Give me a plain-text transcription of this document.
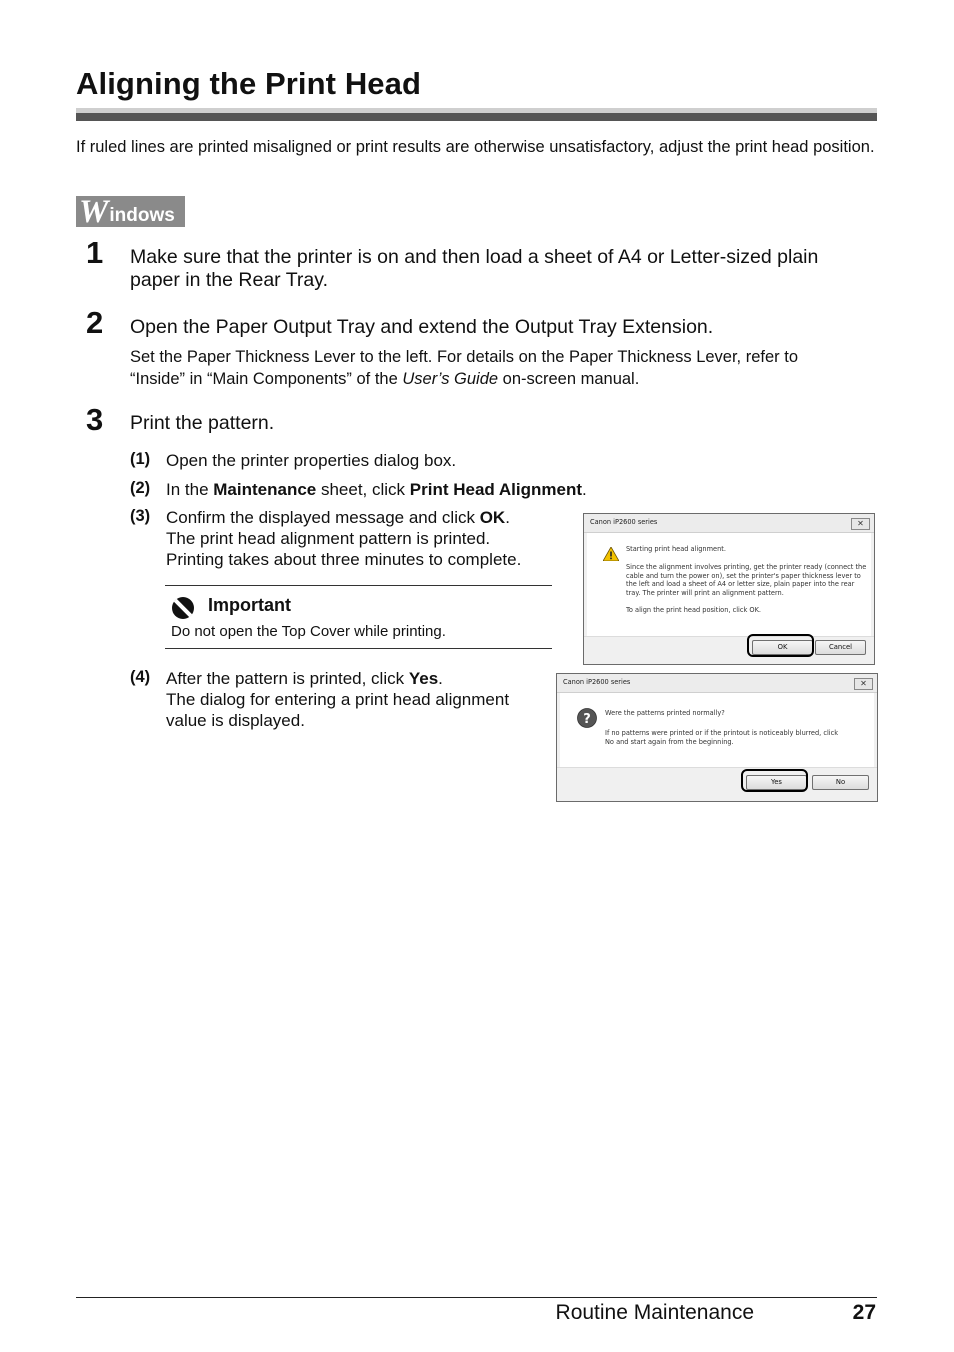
Aligning the Print Head
If ruled lines are printed misaligned or print results are otherwise unsatisfactory, adjust the print head position.
W indows
1 Make sure that the printer is on and then load a sheet of A4 or Letter-sized plain
paper in the Rear Tray.
2 Open the Paper Output Tray and extend the Output Tray Extension.
Set the Paper Thickness Lever to the left. For details on the Paper Thickness Lever, refer to
“Inside” in “Main Components” of the User’s Guide on-screen manual.
3 Print the pattern.
(1) Open the printer properties dialog box.
(2) In the Maintenance sheet, click Print Head Alignment.
(3) Confirm the displayed message and click OK.
The print head alignment pattern is printed.
Printing takes about three minutes to complete.
Important
Do not open the Top Cover while printing.
(4) After the pattern is printed, click Yes.
The dialog for entering a print head alignment
value is displayed.
Canon iP2600 series	✕
Starting print head alignment.
Since the alignment involves printing, get the printer ready (connect the
cable and turn the power on), set the printer's paper thickness lever to
the left and load a sheet of A4 or letter size, plain paper into the rear
tray. The printer will print an alignment pattern.
To align the print head position, click OK.
OK	Cancel
Canon iP2600 series	✕
? Were the patterns printed normally?
If no patterns were printed or if the printout is noticeably blurred, click
No and start again from the beginning.
Yes	No
Routine Maintenance	27
